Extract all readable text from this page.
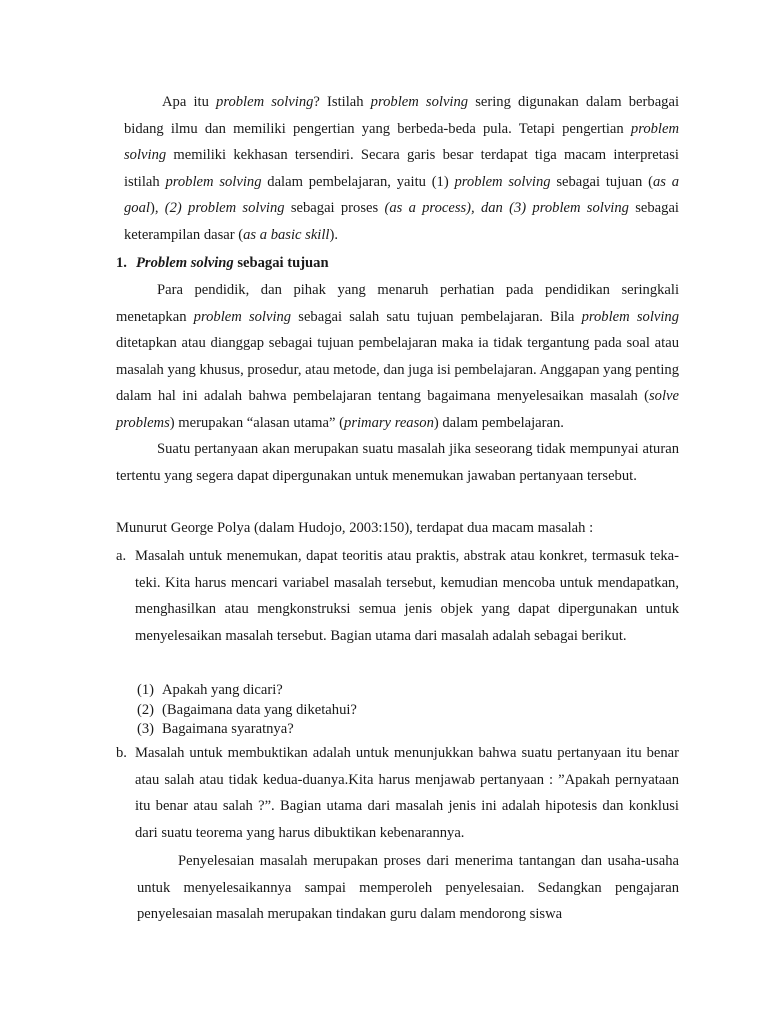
Apa itu problem solving? Istilah problem solving sering digunakan dalam berbagai bidang ilmu dan memiliki pengertian yang berbeda-beda pula. Tetapi pengertian problem solving memiliki kekhasan tersendiri. Secara garis besar terdapat tiga macam interpretasi istilah problem solving dalam pembelajaran, yaitu (1) problem solving sebagai tujuan (as a goal), (2) problem solving sebagai proses (as a process), dan (3) problem solving sebagai keterampilan dasar (as a basic skill).

1. Problem solving sebagai tujuan

Para pendidik, dan pihak yang menaruh perhatian pada pendidikan seringkali menetapkan problem solving sebagai salah satu tujuan pembelajaran. Bila problem solving ditetapkan atau dianggap sebagai tujuan pembelajaran maka ia tidak tergantung pada soal atau masalah yang khusus, prosedur, atau metode, dan juga isi pembelajaran. Anggapan yang penting dalam hal ini adalah bahwa pembelajaran tentang bagaimana menyelesaikan masalah (solve problems) merupakan “alasan utama” (primary reason) dalam pembelajaran.

Suatu pertanyaan akan merupakan suatu masalah jika seseorang tidak mempunyai aturan tertentu yang segera dapat dipergunakan untuk menemukan jawaban pertanyaan tersebut.

Munurut George Polya (dalam Hudojo, 2003:150), terdapat dua macam masalah :

a. Masalah untuk menemukan, dapat teoritis atau praktis, abstrak atau konkret, termasuk teka-teki. Kita harus mencari variabel masalah tersebut, kemudian mencoba untuk mendapatkan, menghasilkan atau mengkonstruksi semua jenis objek yang dapat dipergunakan untuk menyelesaikan masalah tersebut. Bagian utama dari masalah adalah sebagai berikut.

(1) Apakah yang dicari?
(2) (Bagaimana data yang diketahui?
(3) Bagaimana syaratnya?
b. Masalah untuk membuktikan adalah untuk menunjukkan bahwa suatu pertanyaan itu benar atau salah atau tidak kedua-duanya.Kita harus menjawab pertanyaan : ”Apakah pernyataan itu benar atau salah ?”. Bagian utama dari masalah jenis ini adalah hipotesis dan konklusi dari suatu teorema yang harus dibuktikan kebenarannya.

Penyelesaian masalah merupakan proses dari menerima tantangan dan usaha-usaha untuk menyelesaikannya sampai memperoleh penyelesaian. Sedangkan pengajaran penyelesaian masalah merupakan tindakan guru dalam mendorong siswa
